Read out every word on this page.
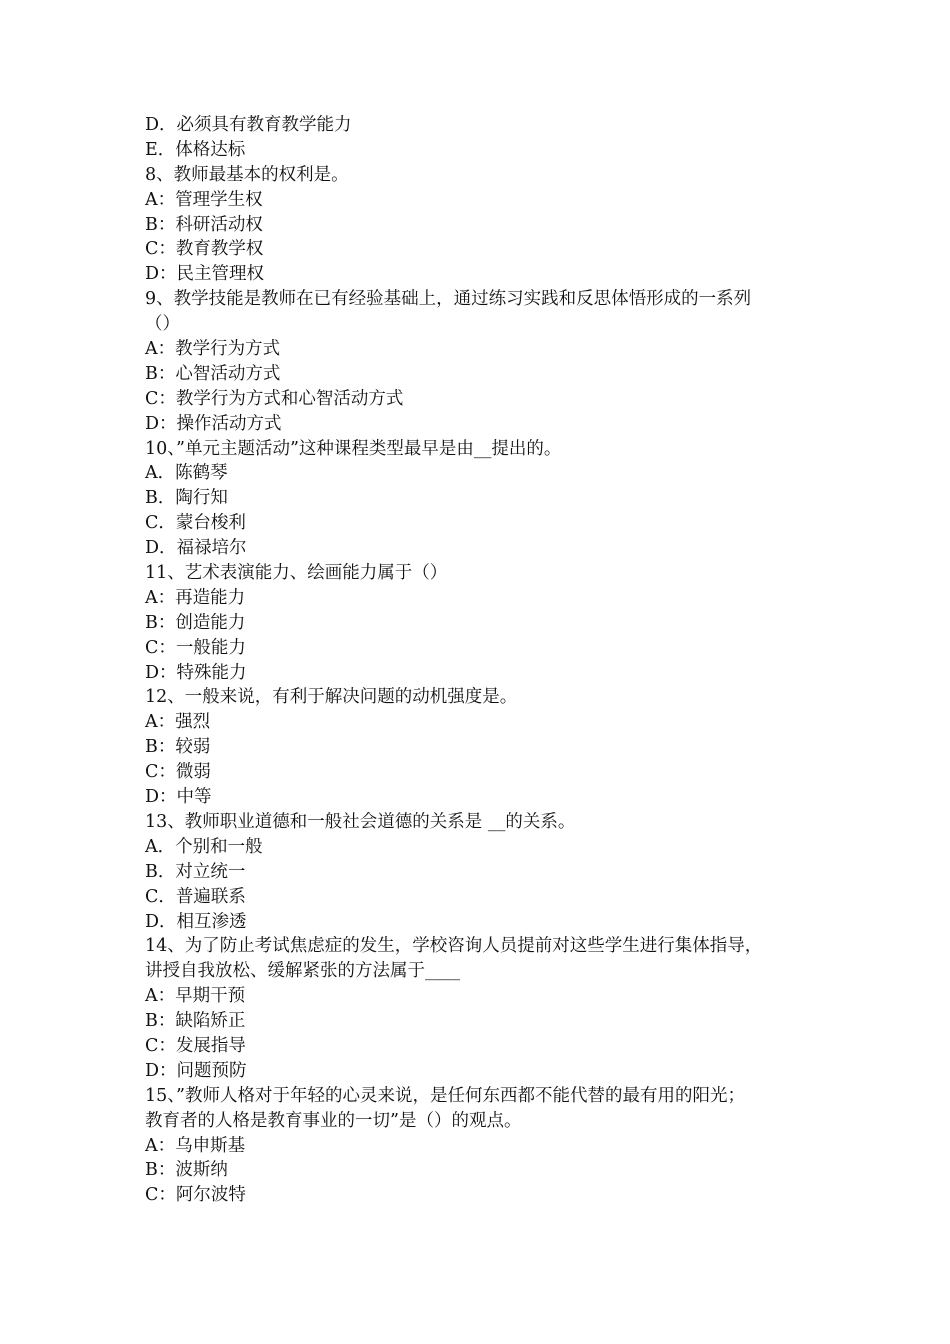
D．必须具有教育教学能力
E．体格达标
8、教师最基本的权利是。
A：管理学生权
B：科研活动权
C：教育教学权
D：民主管理权
9、教学技能是教师在已有经验基础上，通过练习实践和反思体悟形成的一系列
（）
A：教学行为方式
B：心智活动方式
C：教学行为方式和心智活动方式
D：操作活动方式
10、”单元主题活动”这种课程类型最早是由__提出的。
A．陈鹤琴
B．陶行知
C．蒙台梭利
D．福禄培尔
11、艺术表演能力、绘画能力属于（）
A：再造能力
B：创造能力
C：一般能力
D：特殊能力
12、一般来说，有利于解决问题的动机强度是。
A：强烈
B：较弱
C：微弱
D：中等
13、教师职业道德和一般社会道德的关系是 __的关系。
A．个别和一般
B．对立统一
C．普遍联系
D．相互渗透
14、为了防止考试焦虑症的发生，学校咨询人员提前对这些学生进行集体指导，
讲授自我放松、缓解紧张的方法属于____
A：早期干预
B：缺陷矫正
C：发展指导
D：问题预防
15、”教师人格对于年轻的心灵来说，是任何东西都不能代替的最有用的阳光；
教育者的人格是教育事业的一切”是（）的观点。
A：乌申斯基
B：波斯纳
C：阿尔波特
